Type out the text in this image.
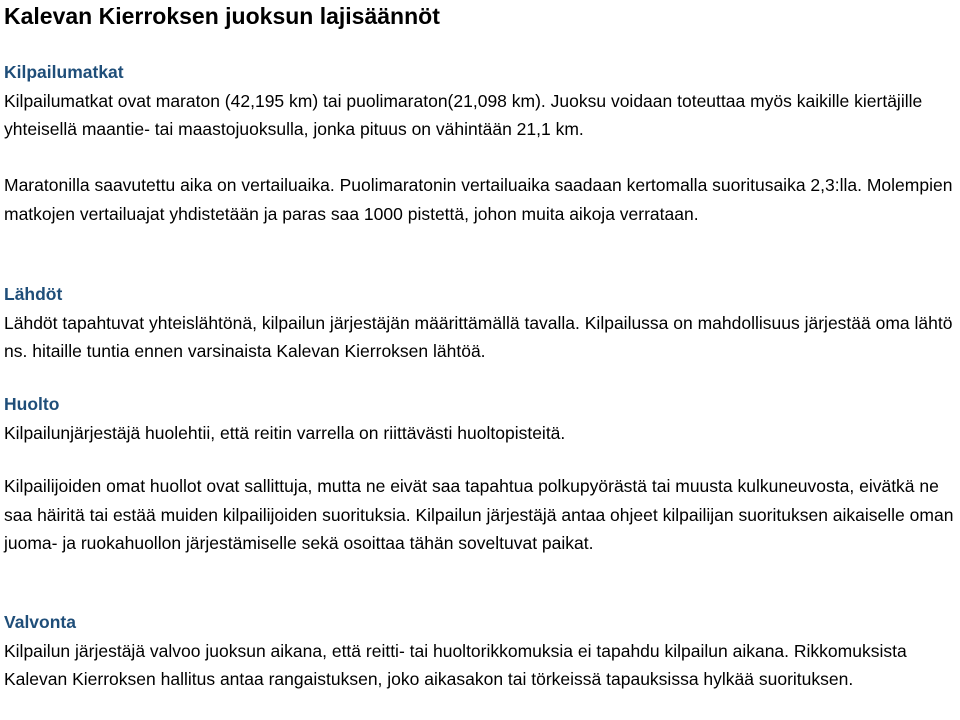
Kalevan Kierroksen juoksun lajisäännöt
Kilpailumatkat

Kilpailumatkat ovat maraton (42,195 km) tai puolimaraton(21,098 km). Juoksu voidaan toteuttaa myös kaikille kiertäjille yhteisellä maantie- tai maastojuoksulla, jonka pituus on vähintään 21,1 km.

Maratonilla saavutettu aika on vertailuaika. Puolimaratonin vertailuaika saadaan kertomalla suoritusaika 2,3:lla. Molempien matkojen vertailuajat yhdistetään ja paras saa 1000 pistettä, johon muita aikoja verrataan.

Lähdöt

Lähdöt tapahtuvat yhteislähtönä, kilpailun järjestäjän määrittämällä tavalla. Kilpailussa on mahdollisuus järjestää oma lähtö ns. hitaille tuntia ennen varsinaista Kalevan Kierroksen lähtöä.

Huolto

Kilpailunjärjestäjä huolehtii, että reitin varrella on riittävästi huoltopisteitä.

Kilpailijoiden omat huollot ovat sallittuja, mutta ne eivät saa tapahtua polkupyörästä tai muusta kulkuneuvosta, eivätkä ne saa häiritä tai estää muiden kilpailijoiden suorituksia. Kilpailun järjestäjä antaa ohjeet kilpailijan suorituksen aikaiselle oman juoma- ja ruokahuollon järjestämiselle sekä osoittaa tähän soveltuvat paikat.

Valvonta

Kilpailun järjestäjä valvoo juoksun aikana, että reitti- tai huoltorikkomuksia ei tapahdu kilpailun aikana. Rikkomuksista Kalevan Kierroksen hallitus antaa rangaistuksen, joko aikasakon tai törkeissä tapauksissa hylkää suorituksen.
